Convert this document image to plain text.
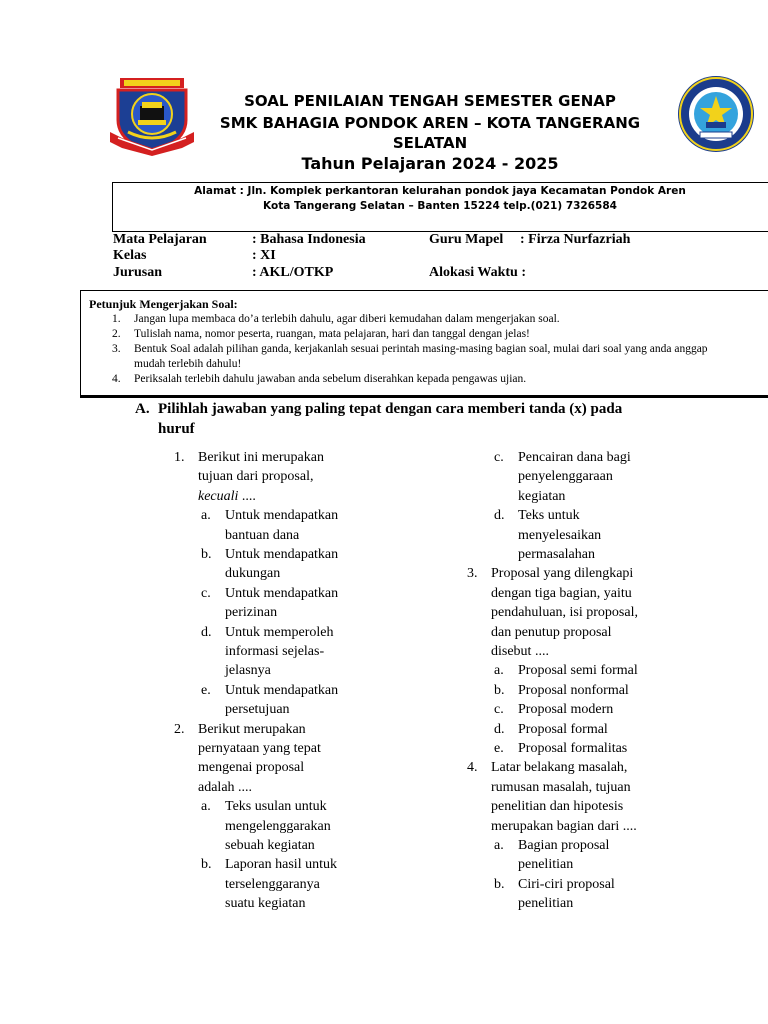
SOAL PENILAIAN TENGAH SEMESTER GENAP
SMK BAHAGIA PONDOK AREN – KOTA TANGERANG
SELATAN
Tahun Pelajaran 2024 - 2025
Alamat : Jln. Komplek perkantoran kelurahan pondok jaya Kecamatan Pondok Aren
Kota Tangerang Selatan – Banten 15224 telp.(021) 7326584
Mata Pelajaran	: Bahasa Indonesia	Guru Mapel : Firza Nurfazriah
Kelas	: XI
Jurusan	: AKL/OTKP	Alokasi Waktu :
Petunjuk Mengerjakan Soal:
1. Jangan lupa membaca do’a terlebih dahulu, agar diberi kemudahan dalam mengerjakan soal.
2. Tulislah nama, nomor peserta, ruangan, mata pelajaran, hari dan tanggal dengan jelas!
3. Bentuk Soal adalah pilihan ganda, kerjakanlah sesuai perintah masing-masing bagian soal, mulai dari soal yang anda anggap mudah terlebih dahulu!
4. Periksalah terlebih dahulu jawaban anda sebelum diserahkan kepada pengawas ujian.
A. Pilihlah jawaban yang paling tepat dengan cara memberi tanda (x) pada
huruf
1. Berikut ini merupakan
tujuan dari proposal,
kecuali ....
a. Untuk mendapatkan
bantuan dana
b. Untuk mendapatkan
dukungan
c. Untuk mendapatkan
perizinan
d. Untuk memperoleh
informasi sejelas-
jelasnya
e. Untuk mendapatkan
persetujuan
2. Berikut merupakan
pernyataan yang tepat
mengenai proposal
adalah ....
a. Teks usulan untuk
mengelenggarakan
sebuah kegiatan
b. Laporan hasil untuk
terselenggaranya
suatu kegiatan
c. Pencairan dana bagi
penyelenggaraan
kegiatan
d. Teks untuk
menyelesaikan
permasalahan
3. Proposal yang dilengkapi
dengan tiga bagian, yaitu
pendahuluan, isi proposal,
dan penutup proposal
disebut ....
a. Proposal semi formal
b. Proposal nonformal
c. Proposal modern
d. Proposal formal
e. Proposal formalitas
4. Latar belakang masalah,
rumusan masalah, tujuan
penelitian dan hipotesis
merupakan bagian dari ....
a. Bagian proposal
penelitian
b. Ciri-ciri proposal
penelitian
